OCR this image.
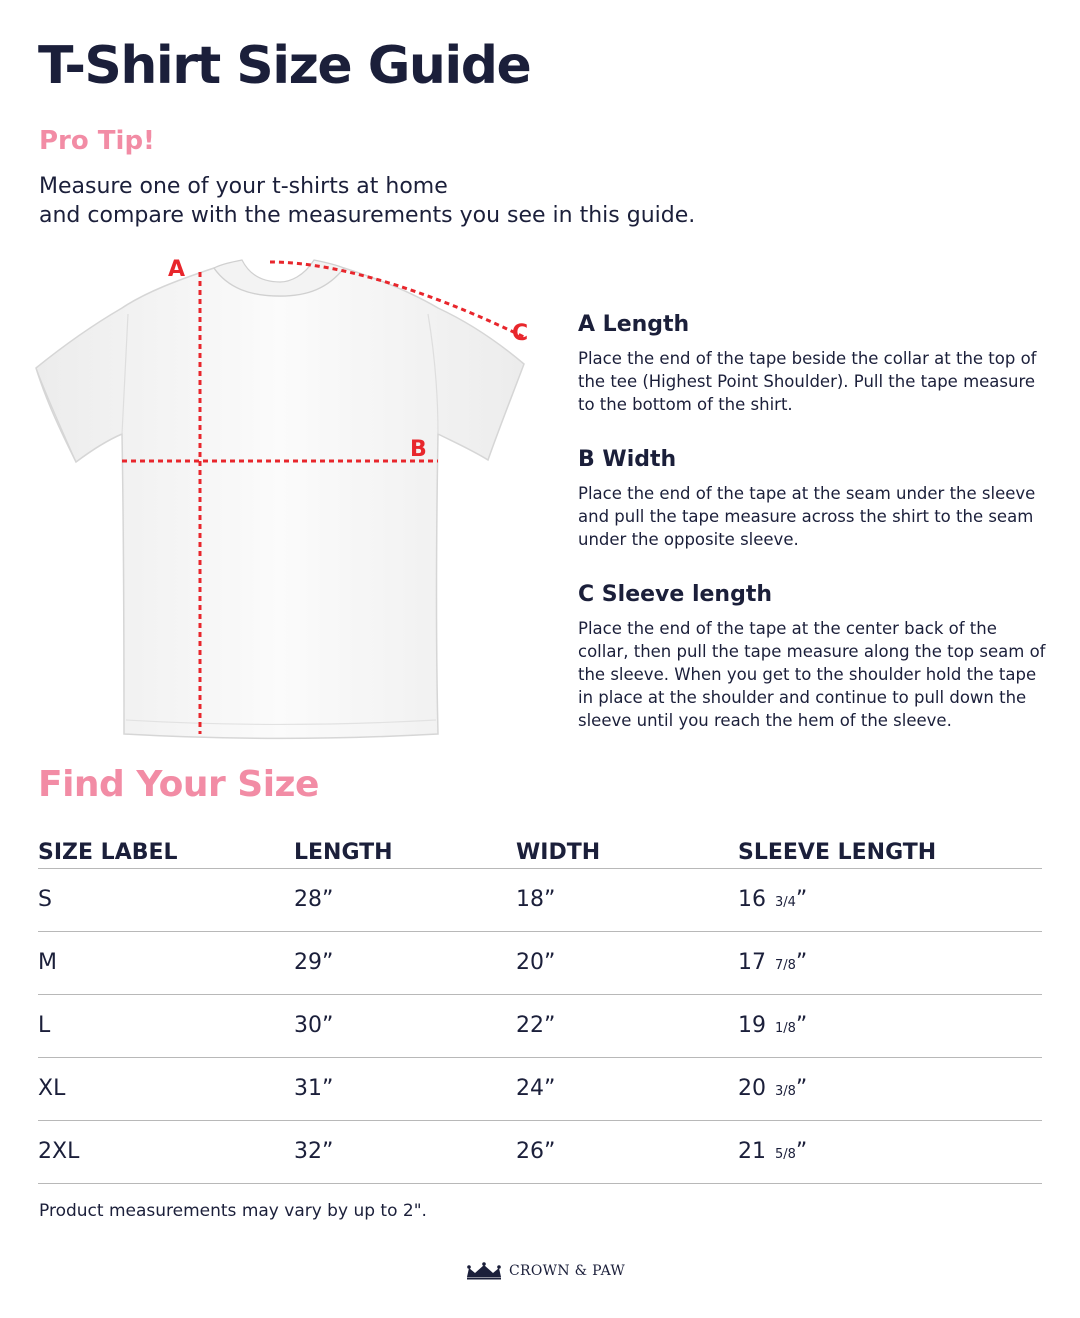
T-Shirt Size Guide
Pro Tip!
Measure one of your t-shirts at home
and compare with the measurements you see in this guide.
A
B
C A Length

Place the end of the tape beside the collar at the top of the tee (Highest Point Shoulder). Pull the tape measure to the bottom of the shirt.

B Width

Place the end of the tape at the seam under the sleeve and pull the tape measure across the shirt to the seam under the opposite sleeve.

C Sleeve length

Place the end of the tape at the center back of the collar, then pull the tape measure along the top seam of the sleeve. When you get to the shoulder hold the tape in place at the shoulder and continue to pull down the sleeve until you reach the hem of the sleeve.

Find Your Size
SIZE LABEL	LENGTH	WIDTH	SLEEVE LENGTH
S	28”	18”	16 3/4”
M	29”	20”	17 7/8”
L	30”	22”	19 1/8”
XL	31”	24”	20 3/8”
2XL	32”	26”	21 5/8”
Product measurements may vary by up to 2".
CROWN & PAW
